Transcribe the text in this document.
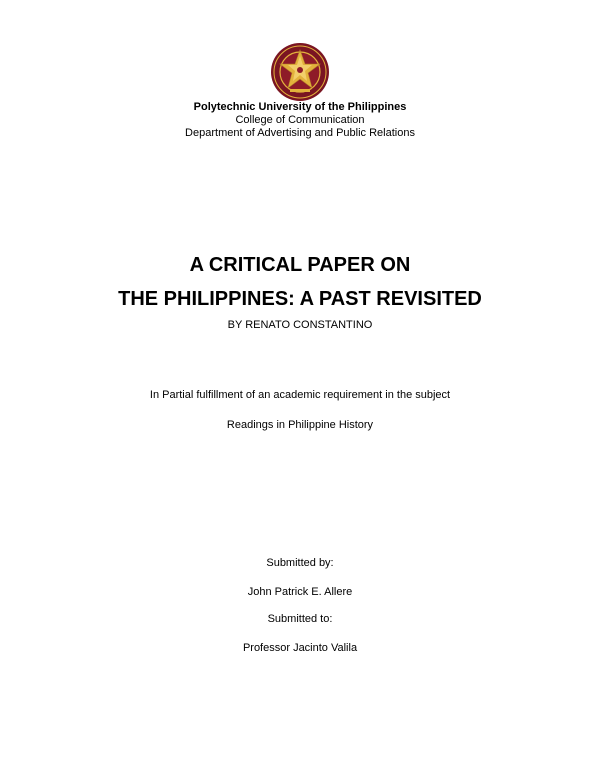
Polytechnic University of the Philippines
College of Communication
Department of Advertising and Public Relations
A CRITICAL PAPER ON
THE PHILIPPINES: A PAST REVISITED
BY RENATO CONSTANTINO
In Partial fulfillment of an academic requirement in the subject
Readings in Philippine History
Submitted by:
John Patrick E. Allere
Submitted to:
Professor Jacinto Valila
